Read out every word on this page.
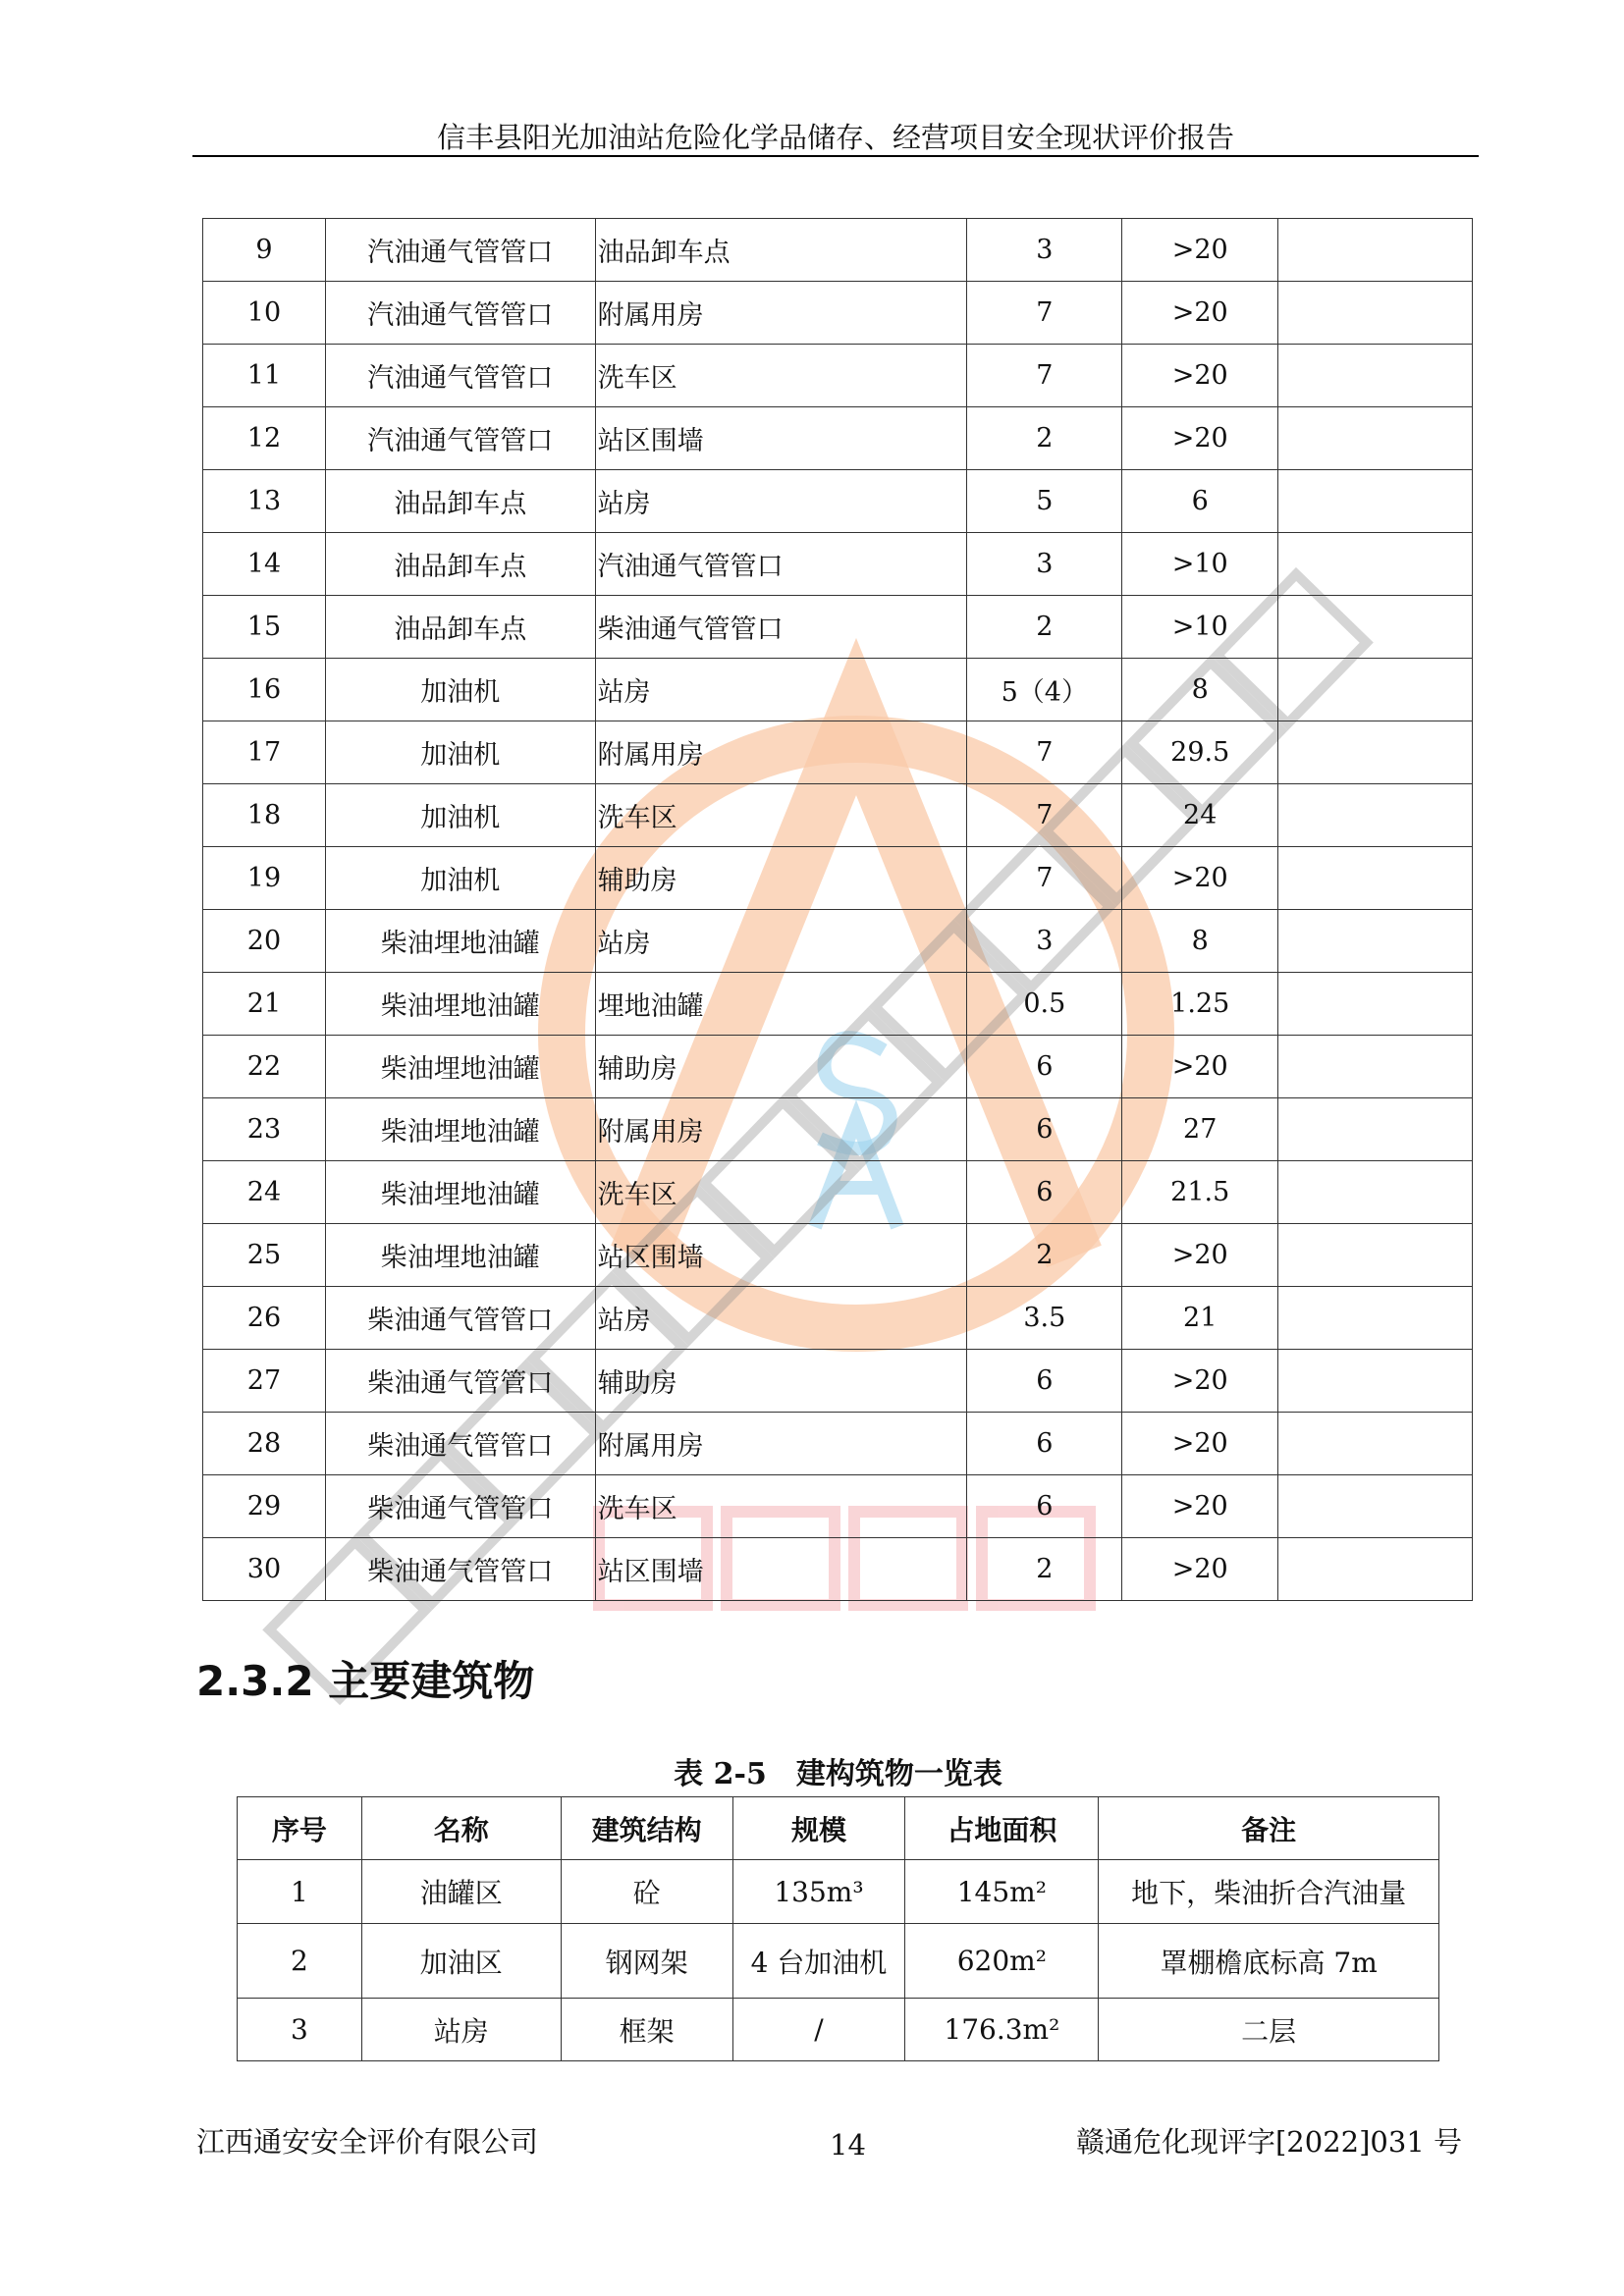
信丰县阳光加油站危险化学品储存、经营项目安全现状评价报告
9	汽油通气管管口	油品卸车点	3	>20	
10	汽油通气管管口	附属用房	7	>20	
11	汽油通气管管口	洗车区	7	>20	
12	汽油通气管管口	站区围墙	2	>20	
13	油品卸车点	站房	5	6	
14	油品卸车点	汽油通气管管口	3	>10	
15	油品卸车点	柴油通气管管口	2	>10	
16	加油机	站房	5（4）	8	
17	加油机	附属用房	7	29.5	
18	加油机	洗车区	7	24	
19	加油机	辅助房	7	>20	
20	柴油埋地油罐	站房	3	8	
21	柴油埋地油罐	埋地油罐	0.5	1.25	
22	柴油埋地油罐	辅助房	6	>20	
23	柴油埋地油罐	附属用房	6	27	
24	柴油埋地油罐	洗车区	6	21.5	
25	柴油埋地油罐	站区围墙	2	>20	
26	柴油通气管管口	站房	3.5	21	
27	柴油通气管管口	辅助房	6	>20	
28	柴油通气管管口	附属用房	6	>20	
29	柴油通气管管口	洗车区	6	>20	
30	柴油通气管管口	站区围墙	2	>20	
2.3.2 主要建筑物
表 2-5　建构筑物一览表
序号	名称	建筑结构	规模	占地面积	备注
1	油罐区	砼	135m³	145m²	地下，柴油折合汽油量
2	加油区	钢网架	4 台加油机	620m²	罩棚檐底标高 7m
3	站房	框架	/	176.3m²	二层
江西通安安全评价有限公司	14	赣通危化现评字[2022]031 号
